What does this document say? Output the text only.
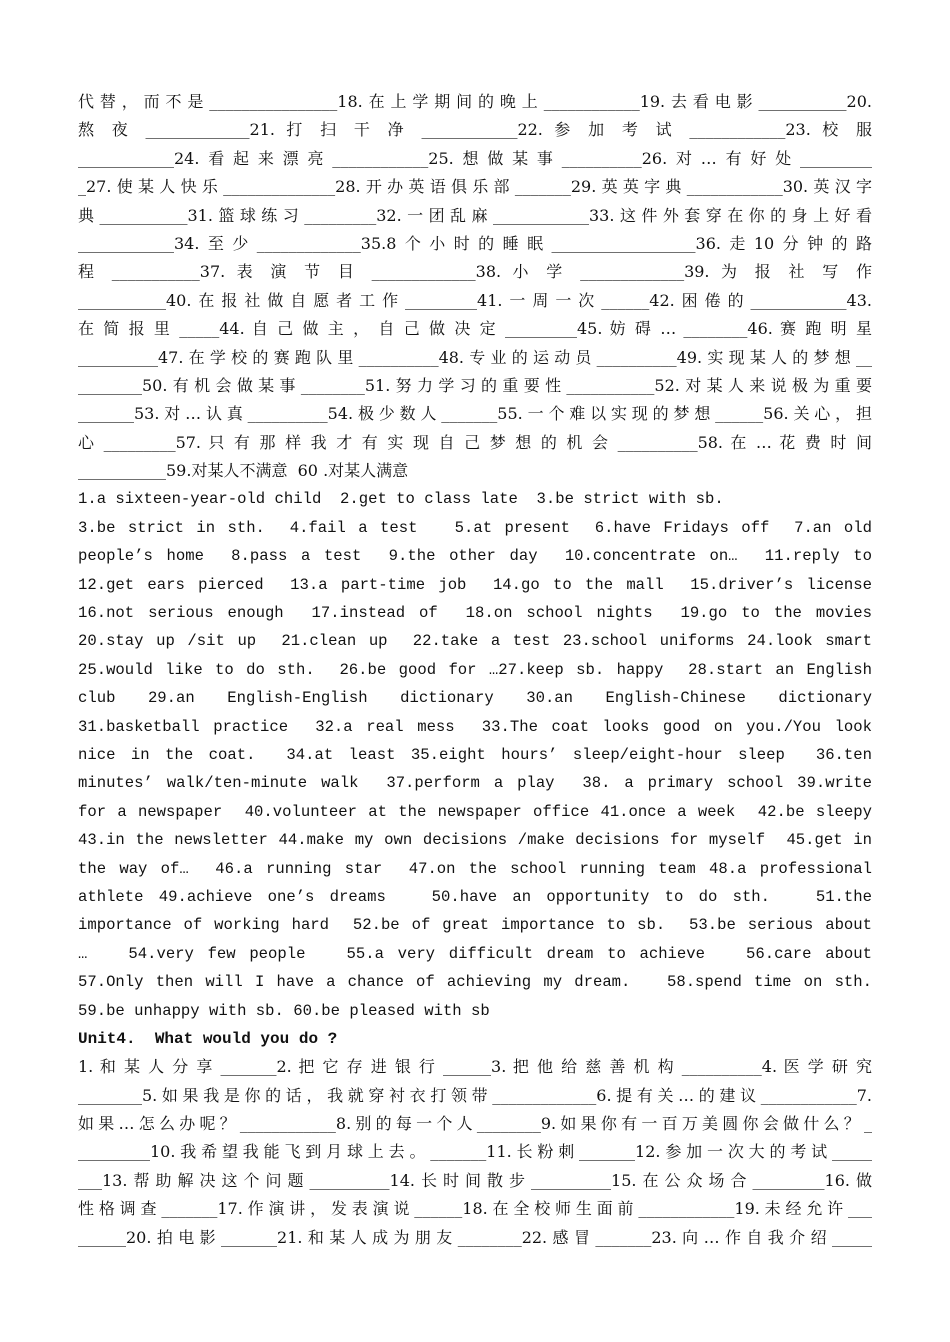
代替，而不是________________18.在上学期间的晚上____________19.去看电影___________20.
熬 夜 _____________21. 打 扫 干 净 ____________22. 参 加 考 试 ____________23. 校 服
____________24.看起来漂亮____________25.想做某事__________26.对…有好处_________
_27.使某人快乐______________28.开办英语俱乐部_______29.英英字典____________30.英汉字
典___________31.篮球练习_________32.一团乱麻____________33.这件外套穿在你的身上好看
____________34.至少_____________35.8个小时的睡眠__________________36.走10分钟的路
程 ___________37. 表 演 节 目 _____________38. 小 学 _____________39. 为 报 社 写 作
___________40.在报社做自愿者工作_________41.一周一次______42.困倦的____________43.
在 简 报 里 _____44. 自 己 做 主 ， 自 己 做 决 定 _________45. 妨 碍 … ________46. 赛 跑 明 星
__________47.在学校的赛跑队里__________48.专业的运动员__________49.实现某人的梦想__
________50.有机会做某事________51.努力学习的重要性___________52.对某人来说极为重要
_______53.对…认真__________54.极少数人_______55.一个难以实现的梦想______56.关心，担
心 _________57. 只 有 那 样 我 才 有 实 现 自 己 梦 想 的 机 会 __________58. 在 … 花 费 时 间
___________59.对某人不满意  60 .对某人满意
1.a sixteen-year-old child  2.get to class late  3.be strict with sb.
3.be strict in sth.  4.fail a test   5.at present  6.have Fridays off  7.an old
people’s home  8.pass a test  9.the other day  10.concentrate on…  11.reply to
12.get ears pierced  13.a part-time job  14.go to the mall  15.driver’s license
16.not serious enough  17.instead of  18.on school nights  19.go to the movies
20.stay up /sit up  21.clean up  22.take a test 23.school uniforms 24.look smart
25.would like to do sth.  26.be good for …27.keep sb. happy  28.start an English
club  29.an  English-English  dictionary  30.an  English-Chinese  dictionary
31.basketball practice  32.a real mess  33.The coat looks good on you./You look
nice in the coat.  34.at least 35.eight hours’ sleep/eight-hour sleep  36.ten
minutes’ walk/ten-minute walk  37.perform a play  38. a primary school 39.write
for a newspaper  40.volunteer at the newspaper office 41.once a week  42.be sleepy
43.in the newsletter 44.make my own decisions /make decisions for myself  45.get in
the way of…  46.a running star  47.on the school running team 48.a professional
athlete 49.achieve one’s dreams   50.have an opportunity to do sth.   51.the
importance of working hard  52.be of great importance to sb.  53.be serious about
…   54.very few people   55.a very difficult dream to achieve   56.care about
57.Only then will I have a chance of achieving my dream.   58.spend time on sth.
59.be unhappy with sb. 60.be pleased with sb
Unit4.  What would you do ?
1. 和 某 人 分 享 _______2. 把 它 存 进 银 行 ______3. 把 他 给 慈 善 机 构 __________4. 医 学 研 究
________5.如果我是你的话，我就穿衬衣打领带_____________6.提有关…的建议____________7.
如果…怎么办呢？____________8.别的每一个人________9.如果你有一百万美圆你会做什么？_
_________10.我希望我能飞到月球上去。_______11.长粉刺_______12.参加一次大的考试_____
___13.帮助解决这个问题__________14.长时间散步__________15.在公众场合_________16.做
性格调查_______17.作演讲，发表演说______18.在全校师生面前____________19.未经允许___
______20.拍电影_______21.和某人成为朋友________22.感冒_______23.向…作自我介绍_____
